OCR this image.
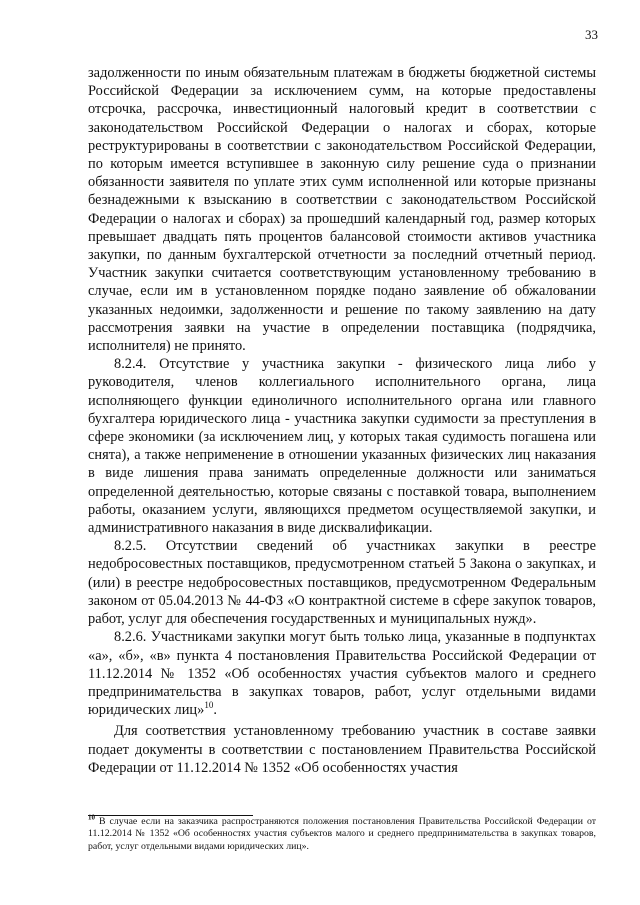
33

задолженности по иным обязательным платежам в бюджеты бюджетной системы Российской Федерации за исключением сумм, на которые предоставлены отсрочка, рассрочка, инвестиционный налоговый кредит в соответствии с законодательством Российской Федерации о налогах и сборах, которые реструктурированы в соответствии с законодательством Российской Федерации, по которым имеется вступившее в законную силу решение суда о признании обязанности заявителя по уплате этих сумм исполненной или которые признаны безнадежными к взысканию в соответствии с законодательством Российской Федерации о налогах и сборах) за прошедший календарный год, размер которых превышает двадцать пять процентов балансовой стоимости активов участника закупки, по данным бухгалтерской отчетности за последний отчетный период. Участник закупки считается соответствующим установленному требованию в случае, если им в установленном порядке подано заявление об обжаловании указанных недоимки, задолженности и решение по такому заявлению на дату рассмотрения заявки на участие в определении поставщика (подрядчика, исполнителя) не принято.

8.2.4. Отсутствие у участника закупки - физического лица либо у руководителя, членов коллегиального исполнительного органа, лица исполняющего функции единоличного исполнительного органа или главного бухгалтера юридического лица - участника закупки судимости за преступления в сфере экономики (за исключением лиц, у которых такая судимость погашена или снята), а также неприменение в отношении указанных физических лиц наказания в виде лишения права занимать определенные должности или заниматься определенной деятельностью, которые связаны с поставкой товара, выполнением работы, оказанием услуги, являющихся предметом осуществляемой закупки, и административного наказания в виде дисквалификации.

8.2.5. Отсутствии сведений об участниках закупки в реестре недобросовестных поставщиков, предусмотренном статьей 5 Закона о закупках, и (или) в реестре недобросовестных поставщиков, предусмотренном Федеральным законом от 05.04.2013 № 44-ФЗ «О контрактной системе в сфере закупок товаров, работ, услуг для обеспечения государственных и муниципальных нужд».

8.2.6. Участниками закупки могут быть только лица, указанные в подпунктах «а», «б», «в» пункта 4 постановления Правительства Российской Федерации от 11.12.2014 № 1352 «Об особенностях участия субъектов малого и среднего предпринимательства в закупках товаров, работ, услуг отдельными видами юридических лиц»$^{10}$.

Для соответствия установленному требованию участник в составе заявки подает документы в соответствии с постановлением Правительства Российской Федерации от 11.12.2014 № 1352 «Об особенностях участия

$^{10}$ В случае если на заказчика распространяются положения постановления Правительства Российской Федерации от 11.12.2014 № 1352 «Об особенностях участия субъектов малого и среднего предпринимательства в закупках товаров, работ, услуг отдельными видами юридических лиц».
